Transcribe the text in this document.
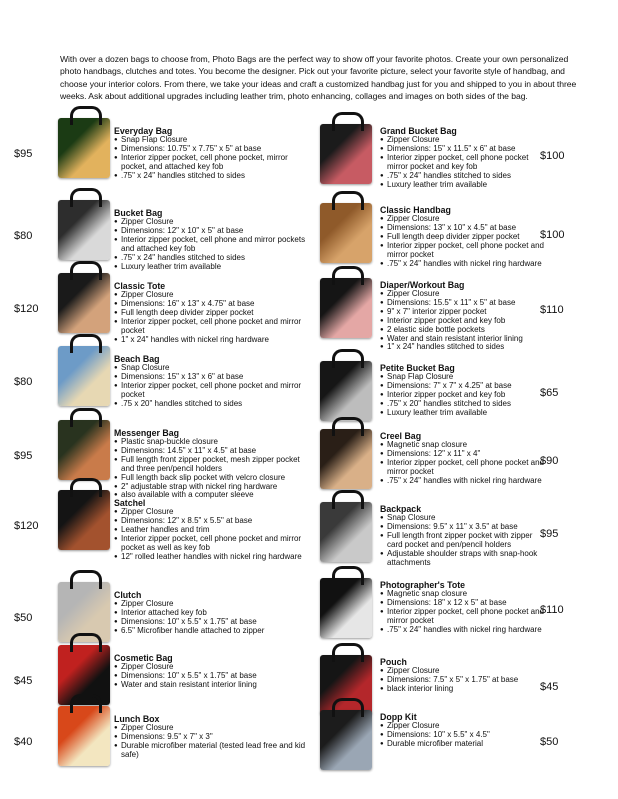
With over a dozen bags to choose from, Photo Bags are the perfect way to show off your favorite photos. Create your own personalized photo handbags, clutches and totes. You become the designer. Pick out your favorite picture, select your favorite style of handbag, and choose your interior colors. From there, we take your ideas and craft a customized handbag just for you and shipped to you in about three weeks. Ask about additional upgrades including leather trim, photo enhancing, collages and images on both sides of the bag.
$95

Everyday Bag

● Snap Flap Closure
● Dimensions: 10.75" x 7.75" x 5" at base
● Interior zipper pocket, cell phone pocket, mirror pocket, and attached key fob
● .75" x 24" handles stitched to sides
$80

Bucket Bag

● Zipper Closure
● Dimensions: 12" x 10" x 5" at base
● Interior zipper pocket, cell phone and mirror pockets and attached key fob
● .75" x 24" handles stitched to sides
● Luxury leather trim available
$120

Classic Tote

● Zipper Closure
● Dimensions: 16" x 13" x 4.75" at base
● Full length deep divider zipper pocket
● Interior zipper pocket, cell phone pocket and mirror pocket
● 1" x 24" handles with nickel ring hardware
$80

Beach Bag

● Snap Closure
● Dimensions: 15" x 13" x 6" at base
● Interior zipper pocket, cell phone pocket and mirror pocket
● .75 x 20" handles stitched to sides
$95

Messenger Bag

● Plastic snap-buckle closure
● Dimensions: 14.5" x 11" x 4.5" at base
● Full length front zipper pocket, mesh zipper pocket and three pen/pencil holders
● Full length back slip pocket with velcro closure
● 2" adjustable strap with nickel ring hardware
● also available with a computer sleeve
$120

Satchel

● Zipper Closure
● Dimensions: 12" x 8.5" x 5.5" at base
● Leather handles and trim
● Interior zipper pocket, cell phone pocket and mirror pocket as well as key fob
● 12" rolled leather handles with nickel ring hardware
$50

Clutch

● Zipper Closure
● Interior attached key fob
● Dimensions: 10" x 5.5" x 1.75" at base
● 6.5" Microfiber handle attached to zipper
$45

Cosmetic Bag

● Zipper Closure
● Dimensions: 10" x 5.5" x 1.75" at base
● Water and stain resistant interior lining
$40

Lunch Box

● Zipper Closure
● Dimensions: 9.5" x 7" x 3"
● Durable microfiber material (tested lead free and kid safe)
$100

Grand Bucket Bag

● Zipper Closure
● Dimensions: 15" x 11.5" x 6" at base
● Interior zipper pocket, cell phone pocket mirror pocket and key fob
● .75" x 24" handles stitched to sides
● Luxury leather trim available
$100

Classic Handbag

● Zipper Closure
● Dimensions: 13" x 10" x 4.5" at base
● Full length deep divider zipper pocket
● Interior zipper pocket, cell phone pocket and mirror pocket
● .75" x 24" handles with nickel ring hardware
$110

Diaper/Workout Bag

● Zipper Closure
● Dimensions: 15.5" x 11" x 5" at base
● 9" x 7" interior zipper pocket
● Interior zipper pocket and key fob
● 2 elastic side bottle pockets
● Water and stain resistant interior lining
● 1" x 24" handles stitched to sides
$65

Petite Bucket Bag

● Snap Flap Closure
● Dimensions: 7" x 7" x 4.25" at base
● Interior zipper pocket and key fob
● .75" x 20" handles stitched to sides
● Luxury leather trim available
$90

Creel Bag

● Magnetic snap closure
● Dimensions: 12" x 11" x 4"
● Interior zipper pocket, cell phone pocket and mirror pocket
● .75" x 24" handles with nickel ring hardware
$95

Backpack

● Snap Closure
● Dimensions: 9.5" x 11" x 3.5" at base
● Full length front zipper pocket with zipper card pocket and pen/pencil holders
● Adjustable shoulder straps with snap-hook attachments
$110

Photographer's Tote

● Magnetic snap closure
● Dimensions: 18" x 12 x 5" at base
● Interior zipper pocket, cell phone pocket and mirror pocket
● .75" x 24" handles with nickel ring hardware
$45

Pouch

● Zipper Closure
● Dimensions: 7.5" x 5" x 1.75" at base
● black interior lining
$50

Dopp Kit

● Zipper Closure
● Dimensions: 10" x 5.5" x 4.5"
● Durable microfiber material
